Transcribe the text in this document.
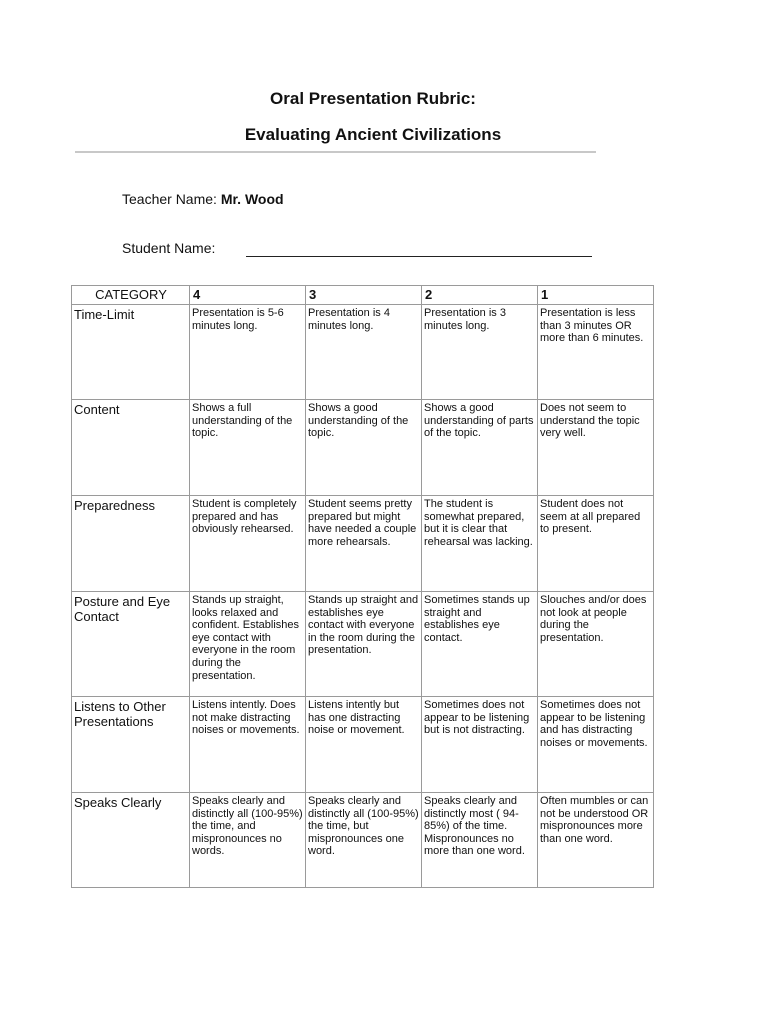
Oral Presentation Rubric:
Evaluating Ancient Civilizations
Teacher Name: Mr. Wood
Student Name:
CATEGORY	4	3	2	1
Time-Limit	Presentation is 5-6 minutes long.	Presentation is 4 minutes long.	Presentation is 3 minutes long.	Presentation is less than 3 minutes OR more than 6 minutes.
Content	Shows a full understanding of the topic.	Shows a good understanding of the topic.	Shows a good understanding of parts of the topic.	Does not seem to understand the topic very well.
Preparedness	Student is completely prepared and has obviously rehearsed.	Student seems pretty prepared but might have needed a couple more rehearsals.	The student is somewhat prepared, but it is clear that rehearsal was lacking.	Student does not seem at all prepared to present.
Posture and Eye Contact	Stands up straight, looks relaxed and confident. Establishes eye contact with everyone in the room during the presentation.	Stands up straight and establishes eye contact with everyone in the room during the presentation.	Sometimes stands up straight and establishes eye contact.	Slouches and/or does not look at people during the presentation.
Listens to Other Presentations	Listens intently. Does not make distracting noises or movements.	Listens intently but has one distracting noise or movement.	Sometimes does not appear to be listening but is not distracting.	Sometimes does not appear to be listening and has distracting noises or movements.
Speaks Clearly	Speaks clearly and distinctly all (100-95%) the time, and mispronounces no words.	Speaks clearly and distinctly all (100-95%) the time, but mispronounces one word.	Speaks clearly and distinctly most ( 94-85%) of the time. Mispronounces no more than one word.	Often mumbles or can not be understood OR mispronounces more than one word.
